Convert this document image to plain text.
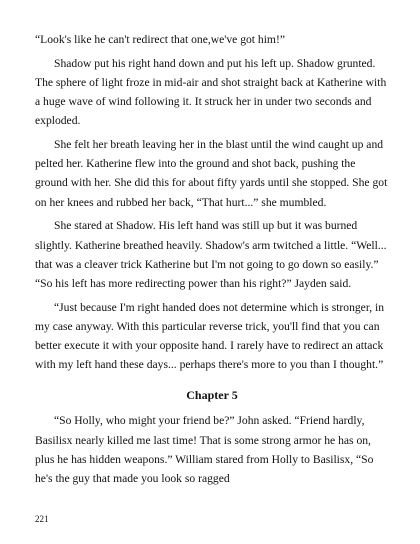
“Look's like he can't redirect that one,we've got him!”

Shadow put his right hand down and put his left up. Shadow grunted. The sphere of light froze in mid-air and shot straight back at Katherine with a huge wave of wind following it. It struck her in under two seconds and exploded.

She felt her breath leaving her in the blast until the wind caught up and pelted her. Katherine flew into the ground and shot back, pushing the ground with her. She did this for about fifty yards until she stopped. She got on her knees and rubbed her back, “That hurt...” she mumbled.

She stared at Shadow. His left hand was still up but it was burned slightly. Katherine breathed heavily. Shadow's arm twitched a little. “Well... that was a cleaver trick Katherine but I'm not going to go down so easily.” “So his left has more redirecting power than his right?” Jayden said.

“Just because I'm right handed does not determine which is stronger, in my case anyway. With this particular reverse trick, you'll find that you can better execute it with your opposite hand. I rarely have to redirect an attack with my left hand these days... perhaps there's more to you than I thought.”

Chapter 5

“So Holly, who might your friend be?” John asked. “Friend hardly, Basilisx nearly killed me last time! That is some strong armor he has on, plus he has hidden weapons.” William stared from Holly to Basilisx, “So he's the guy that made you look so ragged

221
